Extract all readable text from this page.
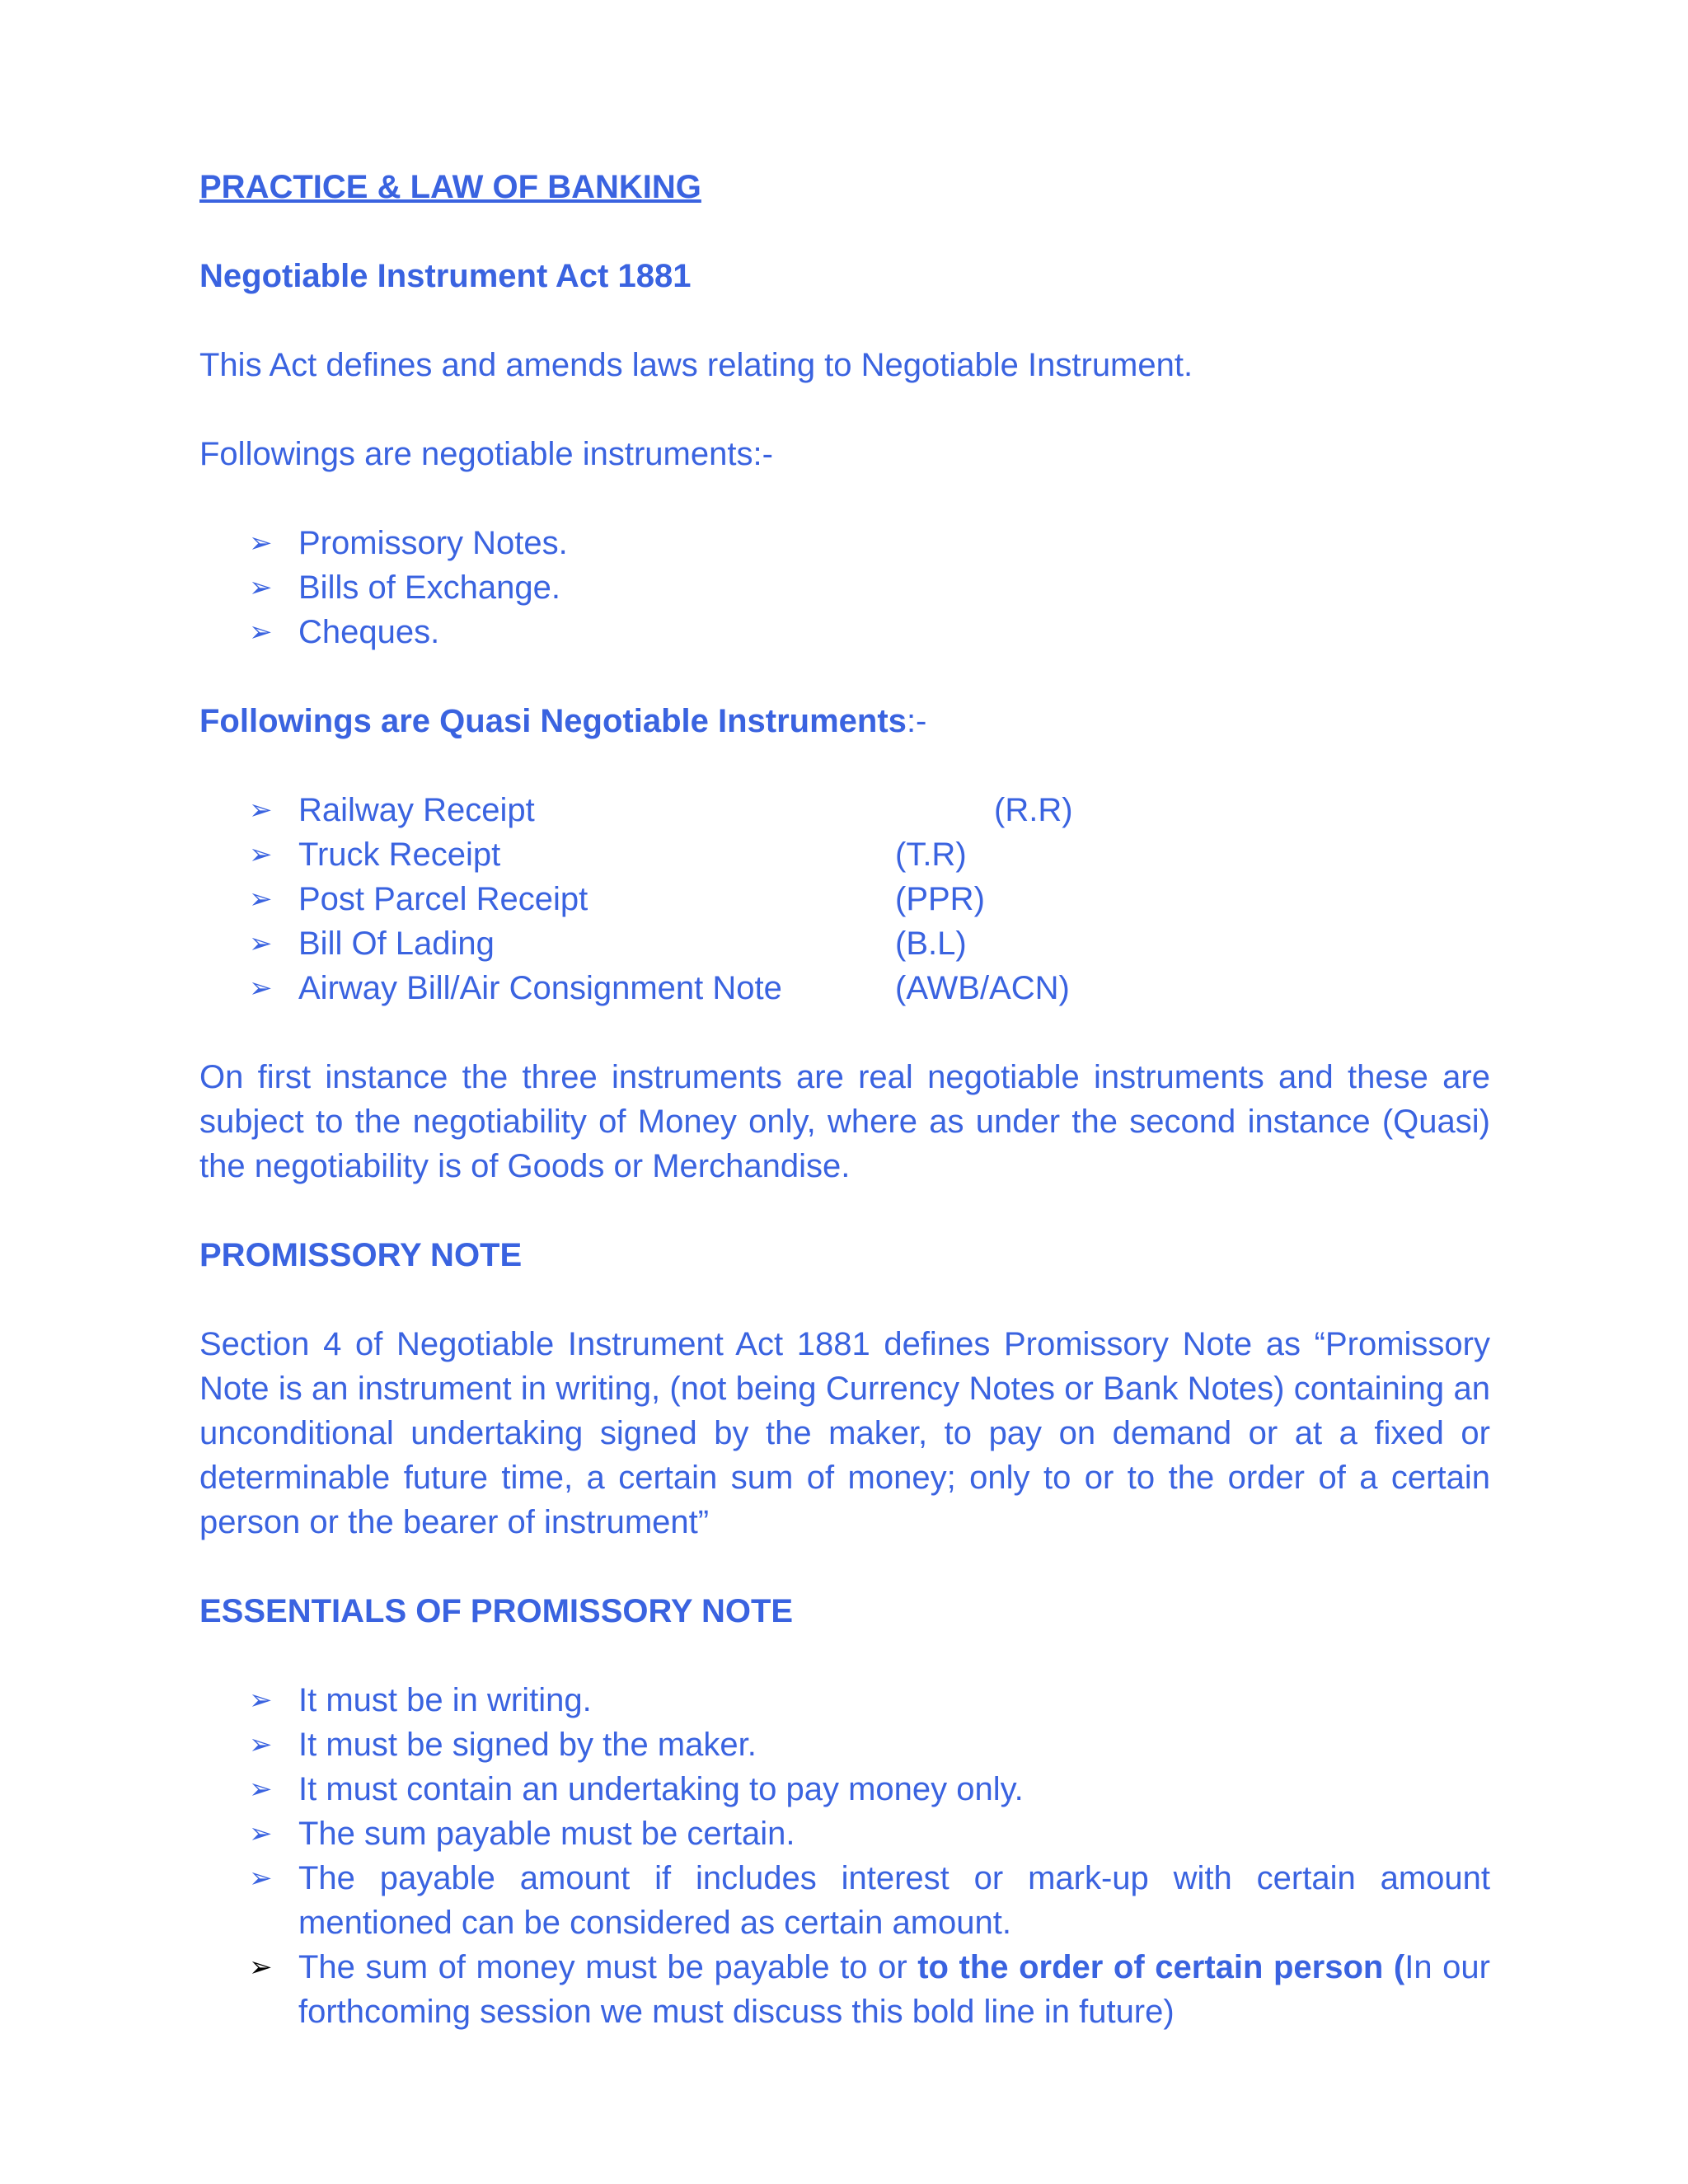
PRACTICE & LAW OF BANKING

Negotiable Instrument Act 1881

This Act defines and amends laws relating to Negotiable Instrument.

Followings are negotiable instruments:-

➢ Promissory Notes.
➢ Bills of Exchange.
➢ Cheques.

Followings are Quasi Negotiable Instruments:-

➢ Railway Receipt	(R.R)
➢ Truck Receipt	(T.R)
➢ Post Parcel Receipt	(PPR)
➢ Bill Of Lading	(B.L)
➢ Airway Bill/Air Consignment Note	(AWB/ACN)

On first instance the three instruments are real negotiable instruments and these are subject to the negotiability of Money only, where as under the second instance (Quasi) the negotiability is of Goods or Merchandise.

PROMISSORY NOTE

Section 4 of Negotiable Instrument Act 1881 defines Promissory Note as “Promissory Note is an instrument in writing, (not being Currency Notes or Bank Notes) containing an unconditional undertaking signed by the maker, to pay on demand or at a fixed or determinable future time, a certain sum of money; only to or to the order of a certain person or the bearer of instrument”

ESSENTIALS OF PROMISSORY NOTE

➢ It must be in writing.
➢ It must be signed by the maker.
➢ It must contain an undertaking to pay money only.
➢ The sum payable must be certain.
➢ The payable amount if includes interest or mark-up with certain amount mentioned can be considered as certain amount.
➢ The sum of money must be payable to or to the order of certain person (In our forthcoming session we must discuss this bold line in future)
